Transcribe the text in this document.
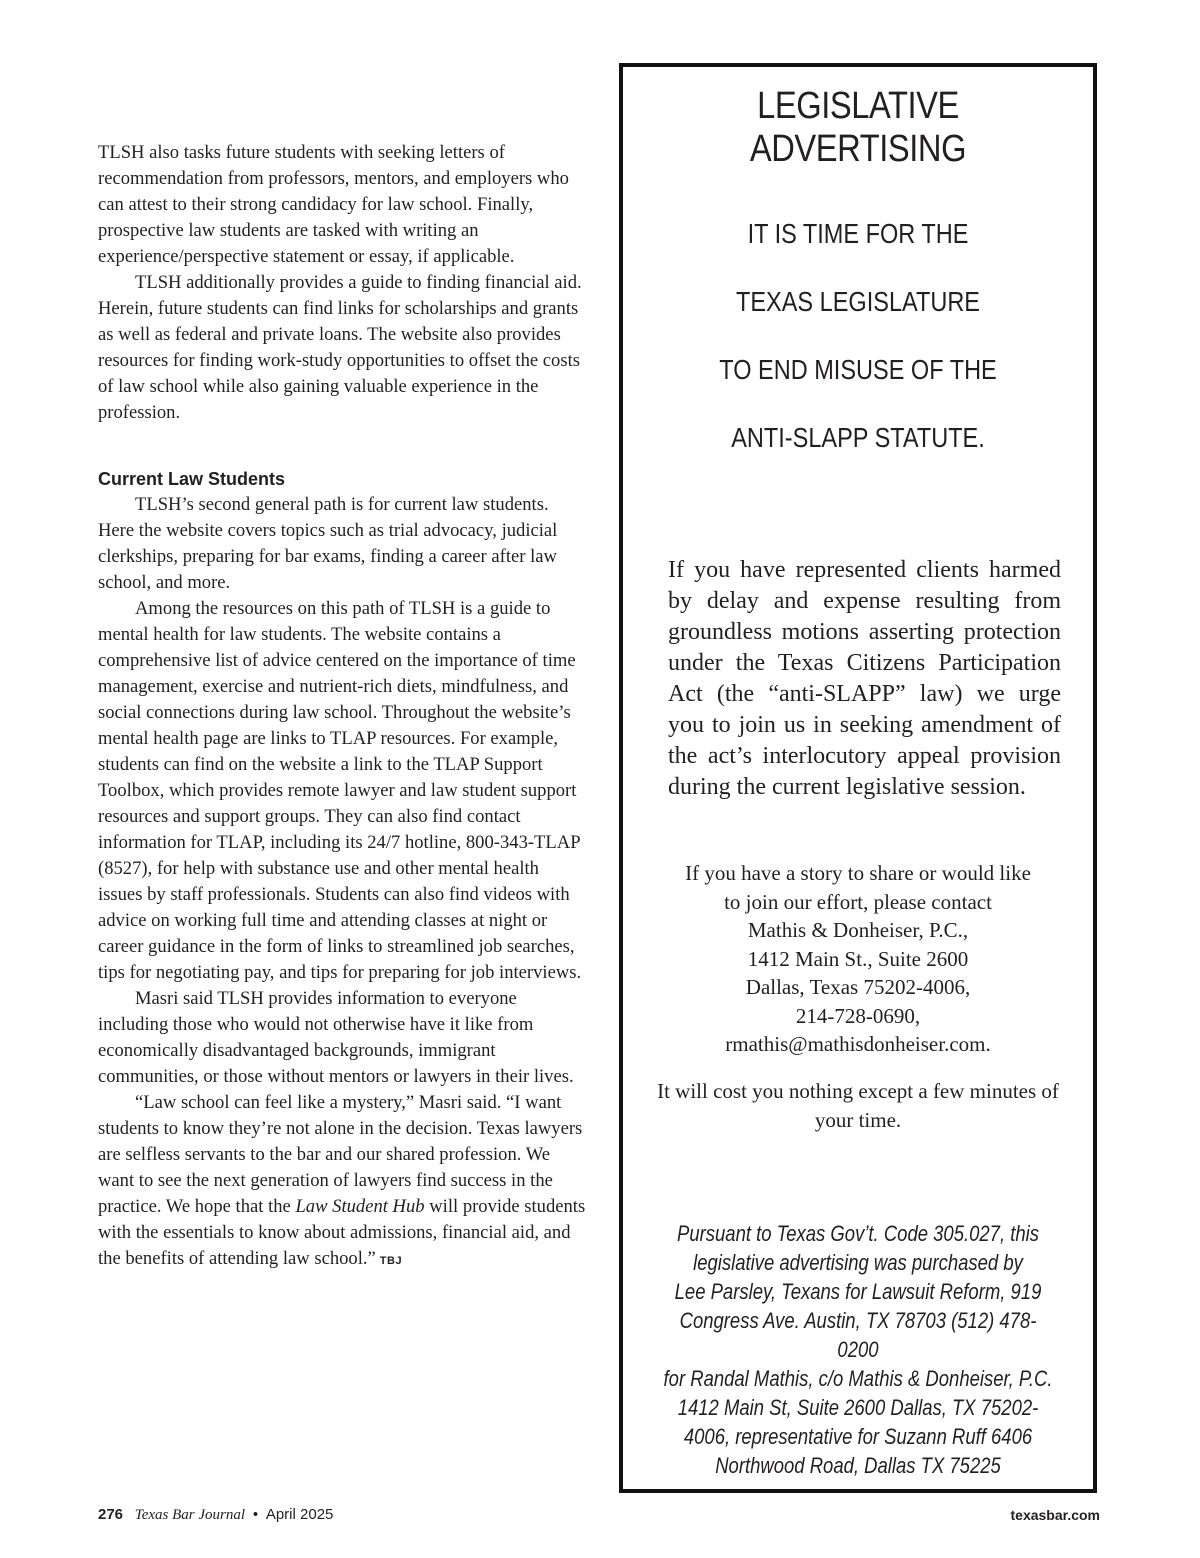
TLSH also tasks future students with seeking letters of recommendation from professors, mentors, and employers who can attest to their strong candidacy for law school. Finally, prospective law students are tasked with writing an experience/perspective statement or essay, if applicable.

TLSH additionally provides a guide to finding financial aid. Herein, future students can find links for scholarships and grants as well as federal and private loans. The website also provides resources for finding work-study opportunities to offset the costs of law school while also gaining valuable experience in the profession.

Current Law Students

TLSH’s second general path is for current law students. Here the website covers topics such as trial advocacy, judicial clerkships, preparing for bar exams, finding a career after law school, and more.

Among the resources on this path of TLSH is a guide to mental health for law students. The website contains a comprehensive list of advice centered on the importance of time management, exercise and nutrient-rich diets, mindfulness, and social connections during law school. Throughout the website’s mental health page are links to TLAP resources. For example, students can find on the website a link to the TLAP Support Toolbox, which provides remote lawyer and law student support resources and support groups. They can also find contact information for TLAP, including its 24/7 hotline, 800-343-TLAP (8527), for help with substance use and other mental health issues by staff professionals. Students can also find videos with advice on working full time and attending classes at night or career guidance in the form of links to streamlined job searches, tips for negotiating pay, and tips for preparing for job interviews.

Masri said TLSH provides information to everyone including those who would not otherwise have it like from economically disadvantaged backgrounds, immigrant communities, or those without mentors or lawyers in their lives.

“Law school can feel like a mystery,” Masri said. “I want students to know they’re not alone in the decision. Texas lawyers are selfless servants to the bar and our shared profession. We want to see the next generation of lawyers find success in the practice. We hope that the Law Student Hub will provide students with the essentials to know about admissions, financial aid, and the benefits of attending law school.” TBJ

LEGISLATIVE ADVERTISING
IT IS TIME FOR THE
TEXAS LEGISLATURE
TO END MISUSE OF THE
ANTI-SLAPP STATUTE.

If you have represented clients harmed by delay and expense resulting from groundless motions asserting protection under the Texas Citizens Participation Act (the “anti-SLAPP” law) we urge you to join us in seeking amendment of the act’s interlocutory appeal provision during the current legislative session.

If you have a story to share or would like
to join our effort, please contact
Mathis & Donheiser, P.C.,
1412 Main St., Suite 2600
Dallas, Texas 75202-4006,
214-728-0690,
rmathis@mathisdonheiser.com.

It will cost you nothing except a few minutes of your time.

Pursuant to Texas Gov’t. Code 305.027, this
legislative advertising was purchased by
Lee Parsley, Texans for Lawsuit Reform, 919
Congress Ave. Austin, TX 78703 (512) 478-0200
for Randal Mathis, c/o Mathis & Donheiser, P.C.
1412 Main St, Suite 2600 Dallas, TX 75202-
4006, representative for Suzann Ruff 6406
Northwood Road, Dallas TX 75225
276 Texas Bar Journal • April 2025	texasbar.com
